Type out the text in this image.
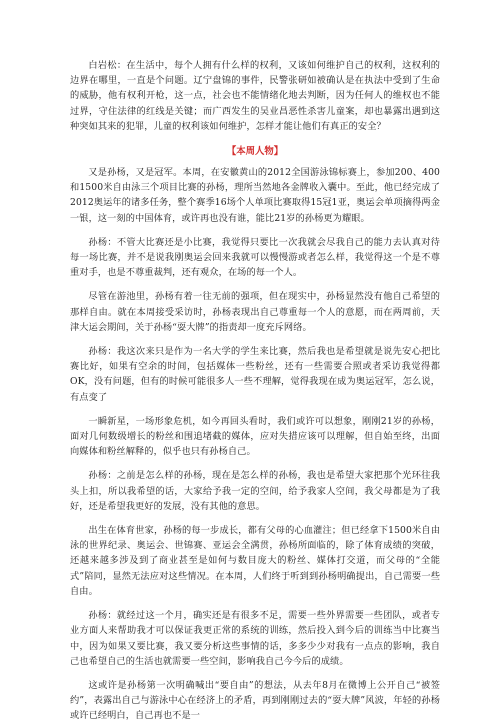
白岩松：在生活中，每个人拥有什么样的权利，又该如何维护自己的权利，这权利的边界在哪里，一直是个问题。辽宁盘锦的事件，民警张研如被确认是在执法中受到了生命的威胁，他有权利开枪，这一点，社会也不能情绪化地去判断，因为任何人的维权也不能过界，守住法律的红线是关键；而广西发生的吴业昌恶性杀害儿童案，却也暴露出遇到这种突如其来的犯罪，儿童的权利该如何维护，怎样才能让他们有真正的安全？

【本周人物】

又是孙杨，又是冠军。本周，在安徽黄山的2012全国游泳锦标赛上，参加200、400和1500米自由泳三个项目比赛的孙杨，理所当然地各金牌收入囊中。至此，他已经完成了2012奥运年的诸多任务，整个赛季16场个人单项比赛取得15冠1亚，奥运会单项摘得两金一银，这一刻的中国体育，或许再也没有谁，能比21岁的孙杨更为耀眼。

孙杨：不管大比赛还是小比赛，我觉得只要比一次我就会尽我自己的能力去认真对待每一场比赛，并不是说我刚奥运会回来我就可以慢慢游或者怎么样，我觉得这一个是不尊重对手，也是不尊重裁判，还有观众，在场的每一个人。

尽管在游池里，孙杨有着一往无前的强项，但在现实中，孙杨显然没有他自己希望的那样自由。就在本周接受采访时，孙杨表现出自己尊重每一个人的意愿，而在两周前，天津大运会期间，关于孙杨“耍大牌”的指责却一度充斥网络。

孙杨：我这次来只是作为一名大学的学生来比赛，然后我也是希望就是说先安心把比赛比好，如果有空余的时间，包括媒体一些粉丝，还有一些需要合照或者采访我觉得都OK，没有问题，但有的时候可能很多人一些不理解，觉得我现在成为奥运冠军，怎么说，有点变了

一瞬新星，一场形象危机，如今再回头看时，我们或许可以想象，刚刚21岁的孙杨，面对几何数级增长的粉丝和围追堵截的媒体，应对失措应该可以理解，但自始至终，出面向媒体和粉丝解释的，似乎也只有孙杨自己。

孙杨：之前是怎么样的孙杨，现在是怎么样的孙杨，我也是希望大家把那个光环往我头上扣，所以我希望的话，大家给予我一定的空间，给予我家人空间，我父母都是为了我好，还是希望我更好的发展，没有其他的意思。

出生在体育世家，孙杨的每一步成长，都有父母的心血灌注；但已经拿下1500米自由泳的世界纪录、奥运会、世锦赛、亚运会全满贯，孙杨所面临的，除了体育成绩的突破，还越来越多涉及到了商业甚至是如何与数目庞大的粉丝、媒体打交道，而父母的“全能式”陪同，显然无法应对这些情况。在本周，人们终于听到到孙杨明确提出，自己需要一些自由。

孙杨：就经过这一个月，确实还是有很多不足，需要一些外界需要一些团队，或者专业方面人来帮助我才可以保证我更正常的系统的训练，然后投入到今后的训练当中比赛当中，因为如果又要比赛，我又要分析这些事情的话，多多少少对我有一点点的影响，我自己也希望自己的生活也就需要一些空间，影响我自己今今后的成绩。

这或许是孙杨第一次明确喊出“要自由”的想法，从去年8月在微博上公开自己“被签约”，表露出自己与游泳中心在经济上的矛盾，再到刚刚过去的“耍大牌”风波，年轻的孙杨或许已经明白，自己再也不是一
